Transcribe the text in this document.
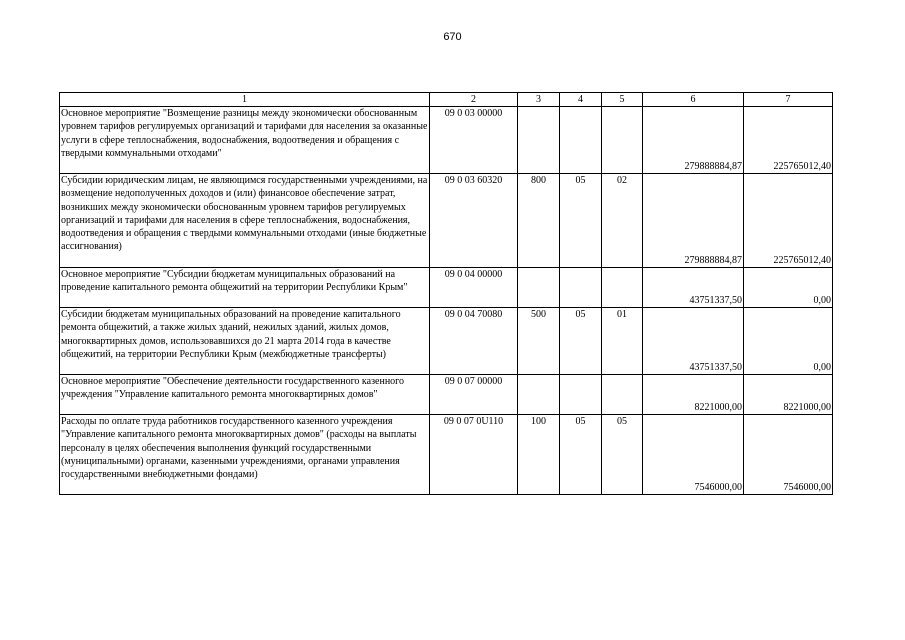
670
1	2	3	4	5	6	7
Основное мероприятие "Возмещение разницы между экономически обоснованным уровнем тарифов регулируемых организаций и тарифами для населения за оказанные услуги в сфере теплоснабжения, водоснабжения, водоотведения и обращения с твердыми коммунальными отходами"	09 0 03 00000				279888884,87	225765012,40
Субсидии юридическим лицам, не являющимся государственными учреждениями, на возмещение недополученных доходов и (или) финансовое обеспечение затрат, возникших между экономически обоснованным уровнем тарифов регулируемых организаций и тарифами для населения в сфере теплоснабжения, водоснабжения, водоотведения и обращения с твердыми коммунальными отходами (иные бюджетные ассигнования)	09 0 03 60320	800	05	02	279888884,87	225765012,40
Основное мероприятие "Субсидии бюджетам муниципальных образований на проведение капитального ремонта общежитий на территории Республики Крым"	09 0 04 00000				43751337,50	0,00
Субсидии бюджетам муниципальных образований на проведение капитального ремонта общежитий, а также жилых зданий, нежилых зданий, жилых домов, многоквартирных домов, использовавшихся до 21 марта 2014 года в качестве общежитий, на территории Республики Крым (межбюджетные трансферты)	09 0 04 70080	500	05	01	43751337,50	0,00
Основное мероприятие "Обеспечение деятельности государственного казенного учреждения "Управление капитального ремонта многоквартирных домов"	09 0 07 00000				8221000,00	8221000,00
Расходы по оплате труда работников государственного казенного учреждения "Управление капитального ремонта многоквартирных домов" (расходы на выплаты персоналу в целях обеспечения выполнения функций государственными (муниципальными) органами, казенными учреждениями, органами управления государственными внебюджетными фондами)	09 0 07 0U110	100	05	05	7546000,00	7546000,00
